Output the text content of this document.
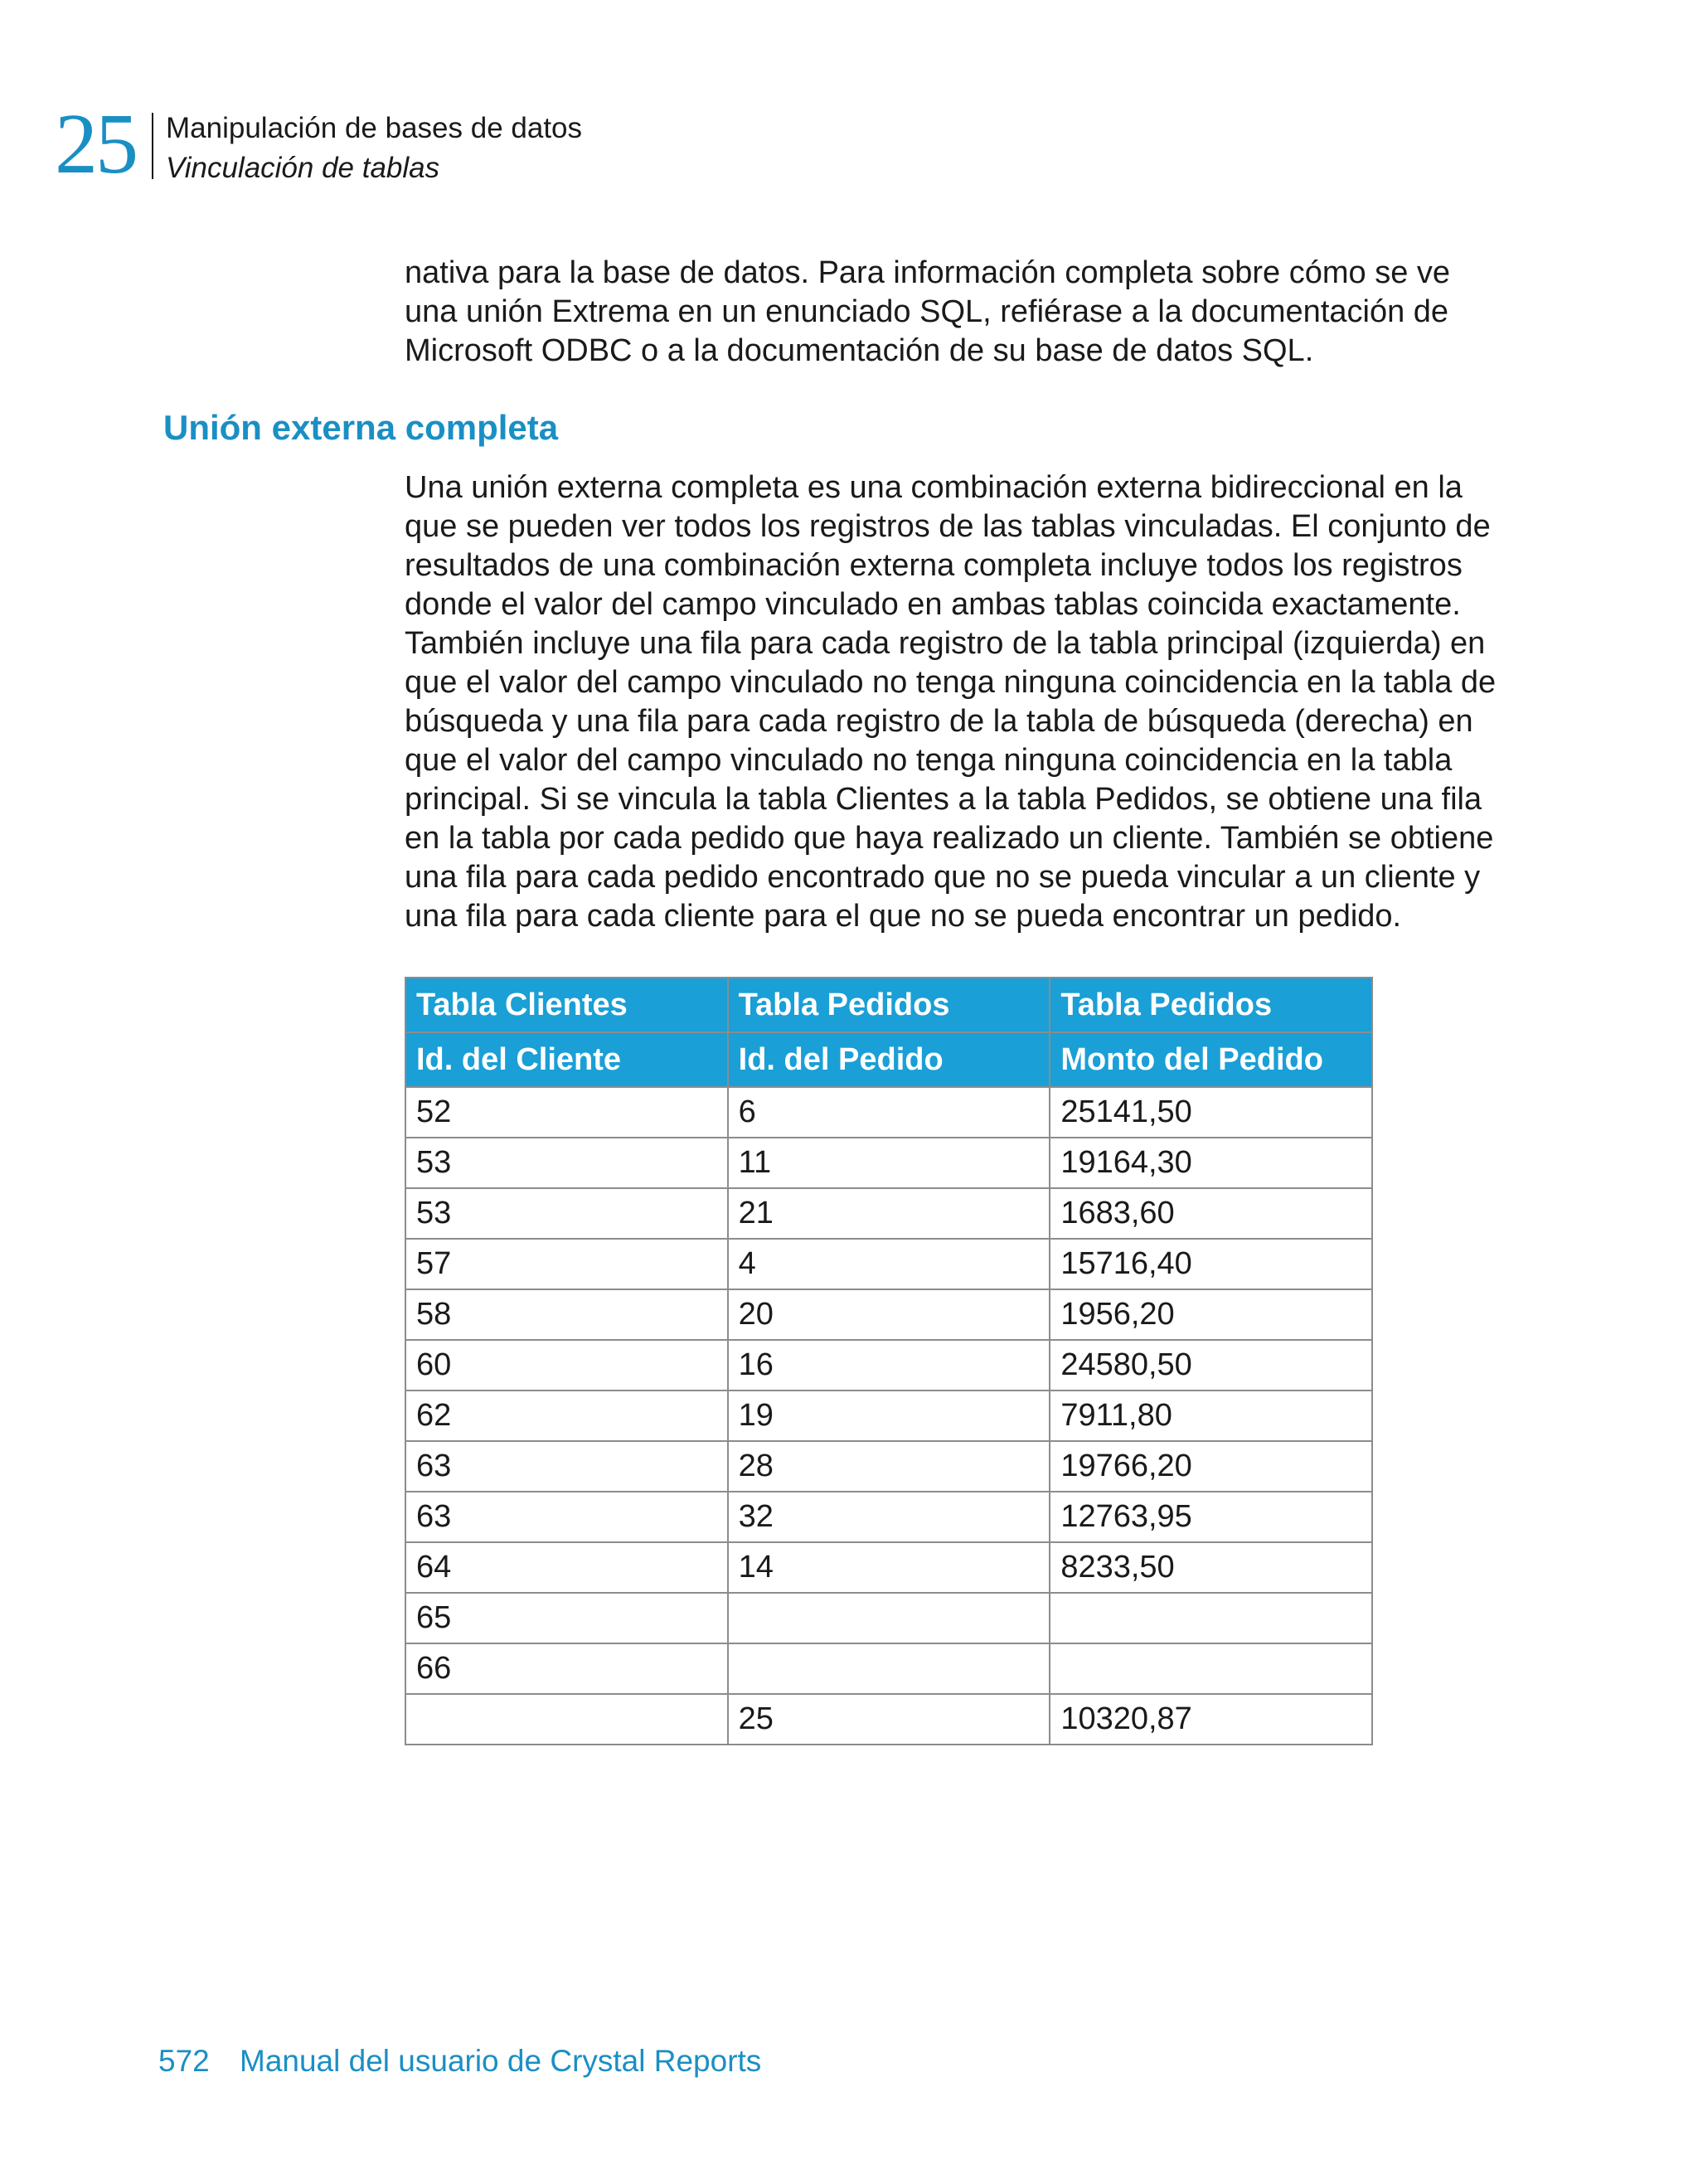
25 Manipulación de bases de datos
Vinculación de tablas

nativa para la base de datos. Para información completa sobre cómo se ve una unión Extrema en un enunciado SQL, refiérase a la documentación de Microsoft ODBC o a la documentación de su base de datos SQL.

Unión externa completa

Una unión externa completa es una combinación externa bidireccional en la que se pueden ver todos los registros de las tablas vinculadas. El conjunto de resultados de una combinación externa completa incluye todos los registros donde el valor del campo vinculado en ambas tablas coincida exactamente. También incluye una fila para cada registro de la tabla principal (izquierda) en que el valor del campo vinculado no tenga ninguna coincidencia en la tabla de búsqueda y una fila para cada registro de la tabla de búsqueda (derecha) en que el valor del campo vinculado no tenga ninguna coincidencia en la tabla principal. Si se vincula la tabla Clientes a la tabla Pedidos, se obtiene una fila en la tabla por cada pedido que haya realizado un cliente. También se obtiene una fila para cada pedido encontrado que no se pueda vincular a un cliente y una fila para cada cliente para el que no se pueda encontrar un pedido.

Tabla Clientes	Tabla Pedidos	Tabla Pedidos
Id. del Cliente	Id. del Pedido	Monto del Pedido
52	6	25141,50
53	11	19164,30
53	21	1683,60
57	4	15716,40
58	20	1956,20
60	16	24580,50
62	19	7911,80
63	28	19766,20
63	32	12763,95
64	14	8233,50
65		
66		
	25	10320,87
572 Manual del usuario de Crystal Reports
